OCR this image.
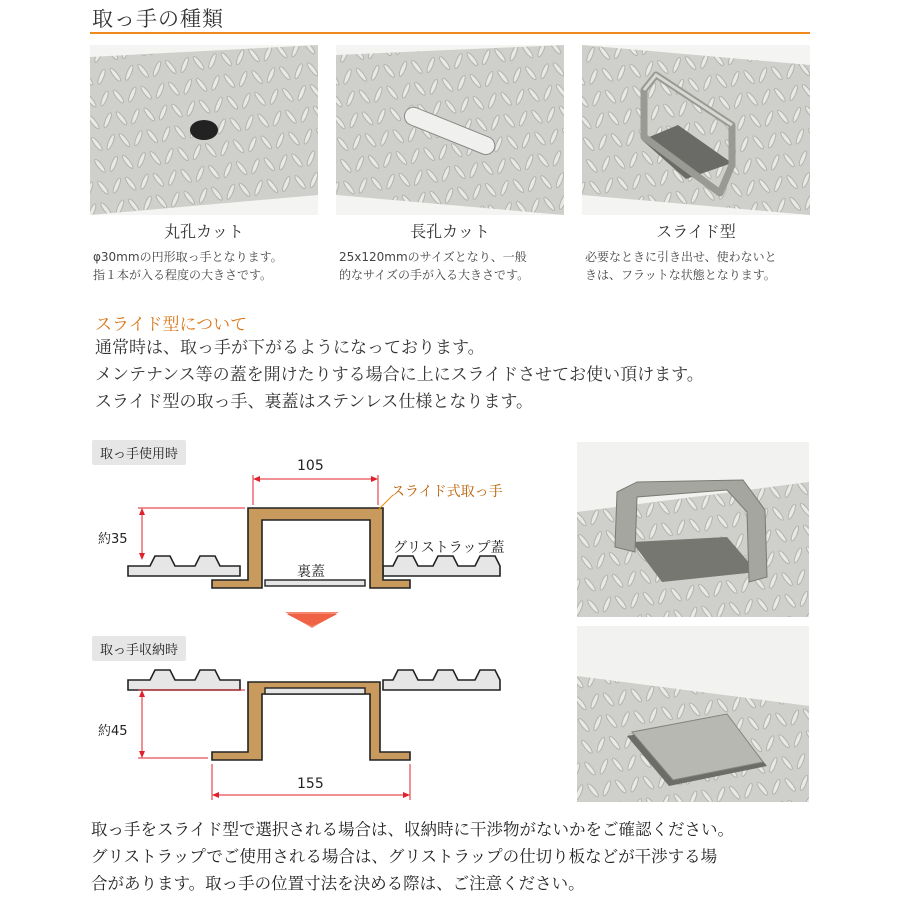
取っ手の種類
丸孔カット	長孔カット	スライド型
φ30mmの円形取っ手となります。
指１本が入る程度の大きさです。
25x120mmのサイズとなり、一般
的なサイズの手が入る大きさです。
必要なときに引き出せ、使わないと
きは、フラットな状態となります。
スライド型について
通常時は、取っ手が下がるようになっております。
メンテナンス等の蓋を開けたりする場合に上にスライドさせてお使い頂けます。
スライド型の取っ手、裏蓋はステンレス仕様となります。
取っ手使用時
取っ手収納時
105
約35
スライド式取っ手
グリストラップ蓋
裏蓋
約45
155
取っ手をスライド型で選択される場合は、収納時に干渉物がないかをご確認ください。
グリストラップでご使用される場合は、グリストラップの仕切り板などが干渉する場
合があります。取っ手の位置寸法を決める際は、ご注意ください。
